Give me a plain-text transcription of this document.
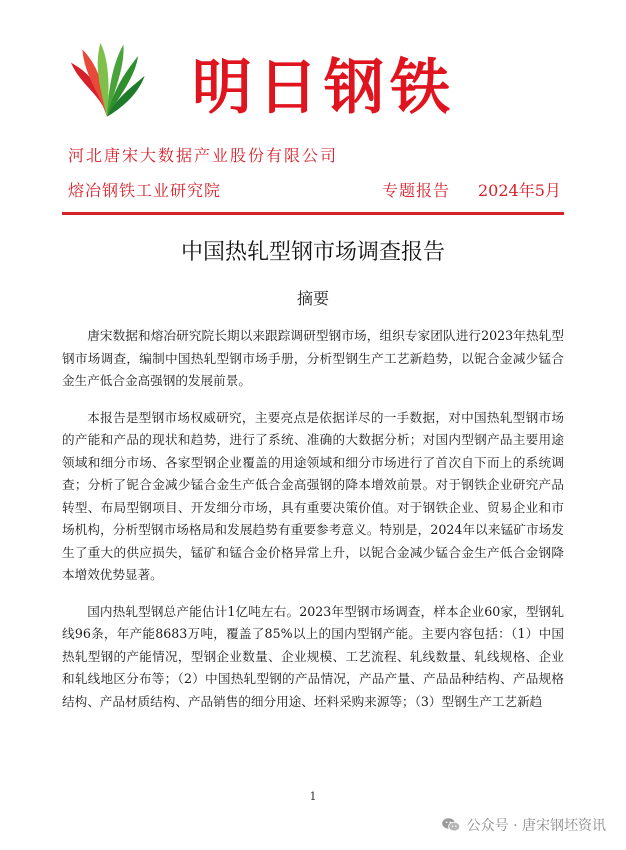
明日钢铁
河北唐宋大数据产业股份有限公司
熔冶钢铁工业研究院	专题报告 2024年5月
中国热轧型钢市场调查报告
摘要

唐宋数据和熔冶研究院长期以来跟踪调研型钢市场，组织专家团队进行2023年热轧型钢市场调查，编制中国热轧型钢市场手册，分析型钢生产工艺新趋势，以铌合金减少锰合金生产低合金高强钢的发展前景。

本报告是型钢市场权威研究，主要亮点是依据详尽的一手数据，对中国热轧型钢市场的产能和产品的现状和趋势，进行了系统、准确的大数据分析；对国内型钢产品主要用途领域和细分市场、各家型钢企业覆盖的用途领域和细分市场进行了首次自下而上的系统调查；分析了铌合金减少锰合金生产低合金高强钢的降本增效前景。对于钢铁企业研究产品转型、布局型钢项目、开发细分市场，具有重要决策价值。对于钢铁企业、贸易企业和市场机构，分析型钢市场格局和发展趋势有重要参考意义。特别是，2024年以来锰矿市场发生了重大的供应损失，锰矿和锰合金价格异常上升，以铌合金减少锰合金生产低合金钢降本增效优势显著。

国内热轧型钢总产能估计1亿吨左右。2023年型钢市场调查，样本企业60家，型钢轧线96条，年产能8683万吨，覆盖了85%以上的国内型钢产能。主要内容包括：（1）中国热轧型钢的产能情况，型钢企业数量、企业规模、工艺流程、轧线数量、轧线规格、企业和轧线地区分布等；（2）中国热轧型钢的产品情况，产品产量、产品品种结构、产品规格结构、产品材质结构、产品销售的细分用途、坯料采购来源等；（3）型钢生产工艺新趋

1
公众号 · 唐宋钢坯资讯
